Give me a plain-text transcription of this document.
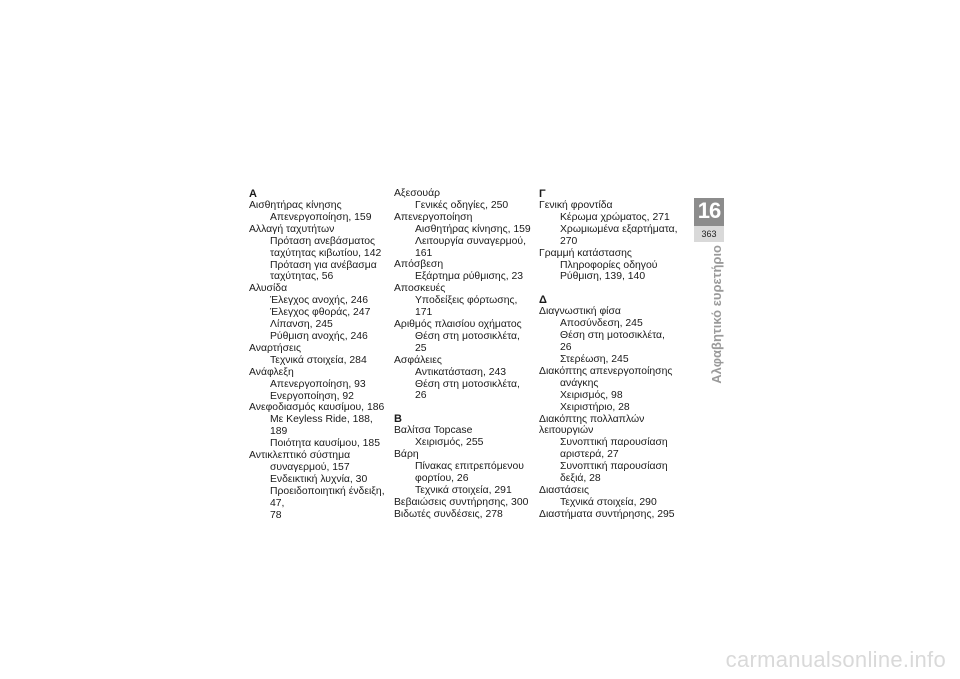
Α
Αισθητήρας κίνησης
Απενεργοποίηση, 159
Αλλαγή ταχυτήτων
Πρόταση ανεβάσματος
ταχύτητας κιβωτίου, 142
Πρόταση για ανέβασμα
ταχύτητας, 56
Αλυσίδα
Έλεγχος ανοχής, 246
Έλεγχος φθοράς, 247
Λίπανση, 245
Ρύθμιση ανοχής, 246
Αναρτήσεις
Τεχνικά στοιχεία, 284
Ανάφλεξη
Απενεργοποίηση, 93
Ενεργοποίηση, 92
Ανεφοδιασμός καυσίμου, 186
Με Keyless Ride, 188, 189
Ποιότητα καυσίμου, 185
Αντικλεπτικό σύστημα
συναγερμού, 157
Ενδεικτική λυχνία, 30
Προειδοποιητική ένδειξη, 47,
78
Αξεσουάρ
Γενικές οδηγίες, 250
Απενεργοποίηση
Αισθητήρας κίνησης, 159
Λειτουργία συναγερμού, 161
Απόσβεση
Εξάρτημα ρύθμισης, 23
Αποσκευές
Υποδείξεις φόρτωσης, 171
Αριθμός πλαισίου οχήματος
Θέση στη μοτοσικλέτα, 25
Ασφάλειες
Αντικατάσταση, 243
Θέση στη μοτοσικλέτα, 26
Β
Βαλίτσα Topcase
Χειρισμός, 255
Βάρη
Πίνακας επιτρεπόμενου
φορτίου, 26
Τεχνικά στοιχεία, 291
Βεβαιώσεις συντήρησης, 300
Βιδωτές συνδέσεις, 278
Γ
Γενική φροντίδα
Κέρωμα χρώματος, 271
Χρωμιωμένα εξαρτήματα, 270
Γραμμή κατάστασης
Πληροφορίες οδηγού
Ρύθμιση, 139, 140
Δ
Διαγνωστική φίσα
Αποσύνδεση, 245
Θέση στη μοτοσικλέτα, 26
Στερέωση, 245
Διακόπτης απενεργοποίησης
ανάγκης
Χειρισμός, 98
Χειριστήριο, 28
Διακόπτης πολλαπλών λειτουργιών
Συνοπτική παρουσίαση
αριστερά, 27
Συνοπτική παρουσίαση
δεξιά, 28
Διαστάσεις
Τεχνικά στοιχεία, 290
Διαστήματα συντήρησης, 295
16
363
Αλφαβητικό ευρετήριο
carmanualsonline.info
